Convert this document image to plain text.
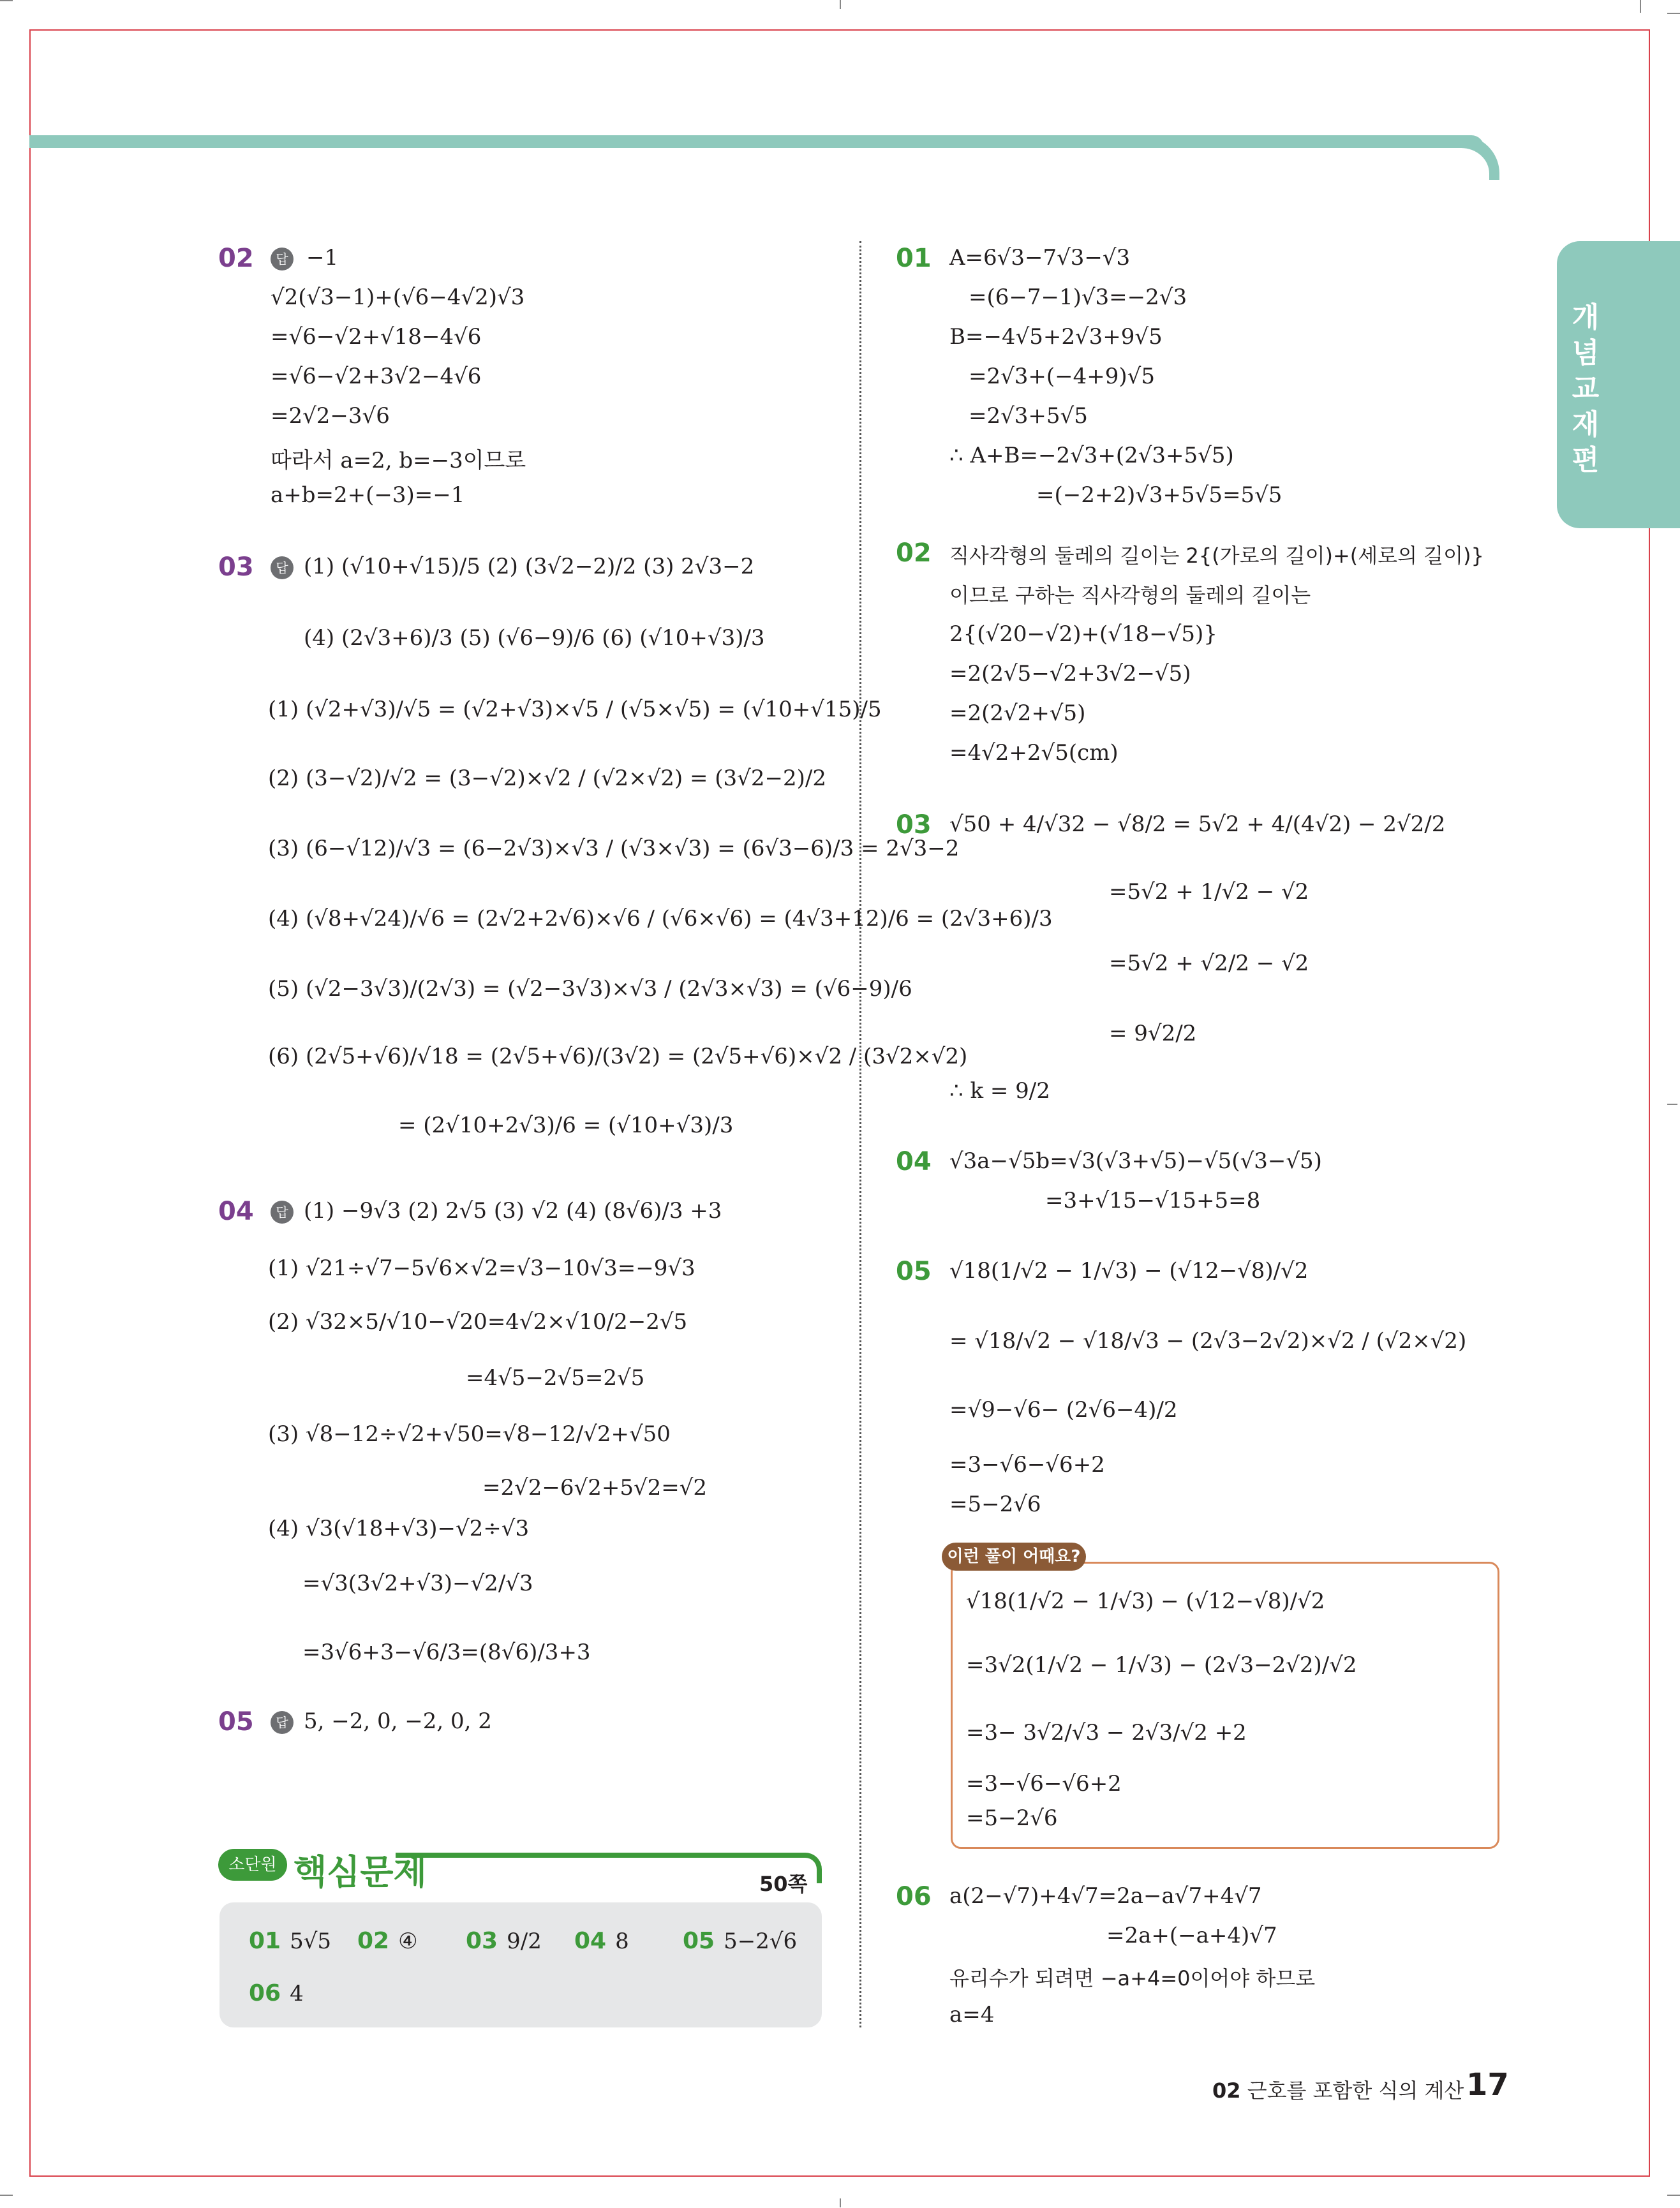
개념교재편
02	답 −1
√2(√3−1)+(√6−4√2)√3
=√6−√2+√18−4√6
=√6−√2+3√2−4√6
=2√2−3√6
따라서 a=2, b=−3이므로
a+b=2+(−3)=−1
03	답 (1) (√10+√15)/5 (2) (3√2−2)/2 (3) 2√3−2
(4) (2√3+6)/3 (5) (√6−9)/6 (6) (√10+√3)/3
(1) (√2+√3)/√5 = (√2+√3)×√5 / (√5×√5) = (√10+√15)/5
(2) (3−√2)/√2 = (3−√2)×√2 / (√2×√2) = (3√2−2)/2
(3) (6−√12)/√3 = (6−2√3)×√3 / (√3×√3) = (6√3−6)/3 = 2√3−2
(4) (√8+√24)/√6 = (2√2+2√6)×√6 / (√6×√6) = (4√3+12)/6 = (2√3+6)/3
(5) (√2−3√3)/(2√3) = (√2−3√3)×√3 / (2√3×√3) = (√6−9)/6
(6) (2√5+√6)/√18 = (2√5+√6)/(3√2) = (2√5+√6)×√2 / (3√2×√2)
= (2√10+2√3)/6 = (√10+√3)/3
04	답 (1) −9√3 (2) 2√5 (3) √2 (4) (8√6)/3 +3
(1) √21÷√7−5√6×√2=√3−10√3=−9√3
(2) √32×5/√10−√20=4√2×√10/2−2√5
=4√5−2√5=2√5
(3) √8−12÷√2+√50=√8−12/√2+√50
=2√2−6√2+5√2=√2
(4) √3(√18+√3)−√2÷√3
=√3(3√2+√3)−√2/√3
=3√6+3−√6/3=(8√6)/3+3
05	답 5, −2, 0, −2, 0, 2
소단원 핵심문제	50쪽
01 5√5 02 ④ 03 9/2 04 8 05 5−2√6
06 4
01 A=6√3−7√3−√3
=(6−7−1)√3=−2√3
B=−4√5+2√3+9√5
=2√3+(−4+9)√5
=2√3+5√5
∴ A+B=−2√3+(2√3+5√5)
=(−2+2)√3+5√5=5√5
02 직사각형의 둘레의 길이는 2{(가로의 길이)+(세로의 길이)}
이므로 구하는 직사각형의 둘레의 길이는
2{(√20−√2)+(√18−√5)}
=2(2√5−√2+3√2−√5)
=2(2√2+√5)
=4√2+2√5(cm)
03 √50 + 4/√32 − √8/2 = 5√2 + 4/(4√2) − 2√2/2
=5√2 + 1/√2 − √2
=5√2 + √2/2 − √2
= 9√2/2
∴ k = 9/2
04 √3a−√5b=√3(√3+√5)−√5(√3−√5)
=3+√15−√15+5=8
05 √18(1/√2 − 1/√3) − (√12−√8)/√2
= √18/√2 − √18/√3 − (2√3−2√2)×√2 / (√2×√2)
=√9−√6− (2√6−4)/2
=3−√6−√6+2
=5−2√6
이런 풀이 어때요?
√18(1/√2 − 1/√3) − (√12−√8)/√2
=3√2(1/√2 − 1/√3) − (2√3−2√2)/√2
=3− 3√2/√3 − 2√3/√2 +2
=3−√6−√6+2
=5−2√6
06 a(2−√7)+4√7=2a−a√7+4√7
=2a+(−a+4)√7
유리수가 되려면 −a+4=0이어야 하므로
a=4
02 근호를 포함한 식의 계산 17
